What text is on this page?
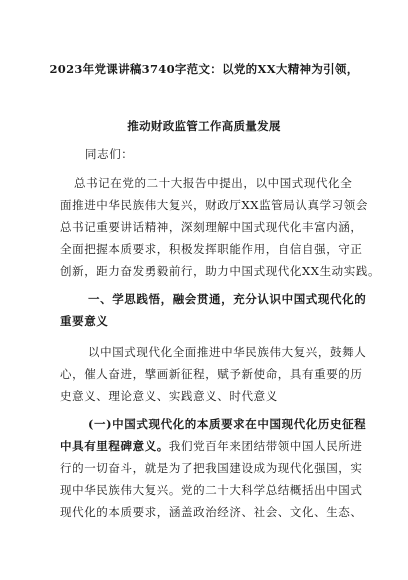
2023年党课讲稿3740字范文：以党的XX大精神为引领，
推动财政监管工作高质量发展
同志们：
总书记在党的二十大报告中提出，以中国式现代化全
面推进中华民族伟大复兴，财政厅XX监管局认真学习领会
总书记重要讲话精神，深刻理解中国式现代化丰富内涵，
全面把握本质要求，积极发挥职能作用，自信自强，守正
创新，距力奋发勇毅前行，助力中国式现代化XX生动实践。
一、学思践悟，融会贯通，充分认识中国式现代化的
重要意义
以中国式现代化全面推进中华民族伟大复兴，鼓舞人
心，催人奋进，擘画新征程，赋予新使命，具有重要的历
史意义、理论意义、实践意义、时代意义
(一)中国式现代化的本质要求在中国现代化历史征程
中具有里程碑意义。我们党百年来团结带领中国人民所进
行的一切奋斗，就是为了把我国建设成为现代化强国，实
现中华民族伟大复兴。党的二十大科学总结概括出中国式
现代化的本质要求，涵盖政治经济、社会、文化、生态、
